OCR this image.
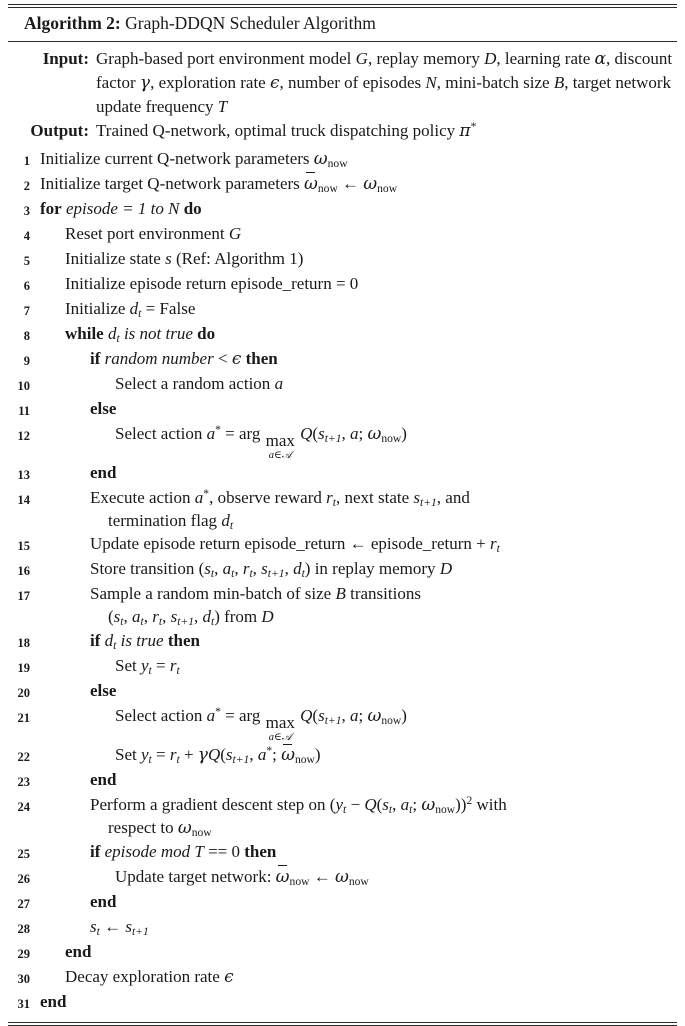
Algorithm 2: Graph-DDQN Scheduler Algorithm
Input: Graph-based port environment model G, replay memory D, learning rate α, discount factor γ, exploration rate ϵ, number of episodes N, mini-batch size B, target network update frequency T
Output: Trained Q-network, optimal truck dispatching policy π*
1 Initialize current Q-network parameters $\omega_{now}$
2 Initialize target Q-network parameters
$\omega_{now}$ ← $\omega_{now}$
3 for episode = 1 to N do
4	Reset port environment G
5	Initialize state s (Ref: Algorithm 1)
6	Initialize episode return episode_return = 0
7	Initialize $d_t$ = False
8	while $d_t$ is not true do
9	if random number < ϵ then
10	Select a random action a
11	else
12	Select action a* = arg max
a∈𝒜
$Q(s_{t+1}$, a; $\omega_{now}$)
13	end
14	Execute action a*, observe reward $r_t$, next state $s_{t+1}$, and
termination flag $d_t$
15	Update episode return episode_return ← episode_return + $r_t$
16	Store transition ($s_t$, $a_t$, $r_t$, $s_{t+1}$, $d_t$) in replay memory D
17	Sample a random min-batch of size B transitions
($s_t$, $a_t$, $r_t$, $s_{t+1}$, $d_t$) from D
18	if $d_t$ is true then
19	Set $y_t = r_t$
20	else
21	Select action a* = arg max
a∈𝒜
$Q(s_{t+1}$, a; $\omega_{now}$)
22	Set $y_t = r_t + \gamma Q(s_{t+1}$, a*;
$\omega_{now}$)
23	end
24	Perform a gradient descent step on ($y_t - Q(s_t$, $a_t$; $\omega_{now}))^2$ with
respect to $\omega_{now}$
25	if episode mod T == 0 then
26	Update target network:
$\omega_{now}$ ← $\omega_{now}$
27	end
28	$s_t$ ← $s_{t+1}$
29	end
30	Decay exploration rate ϵ
31 end
